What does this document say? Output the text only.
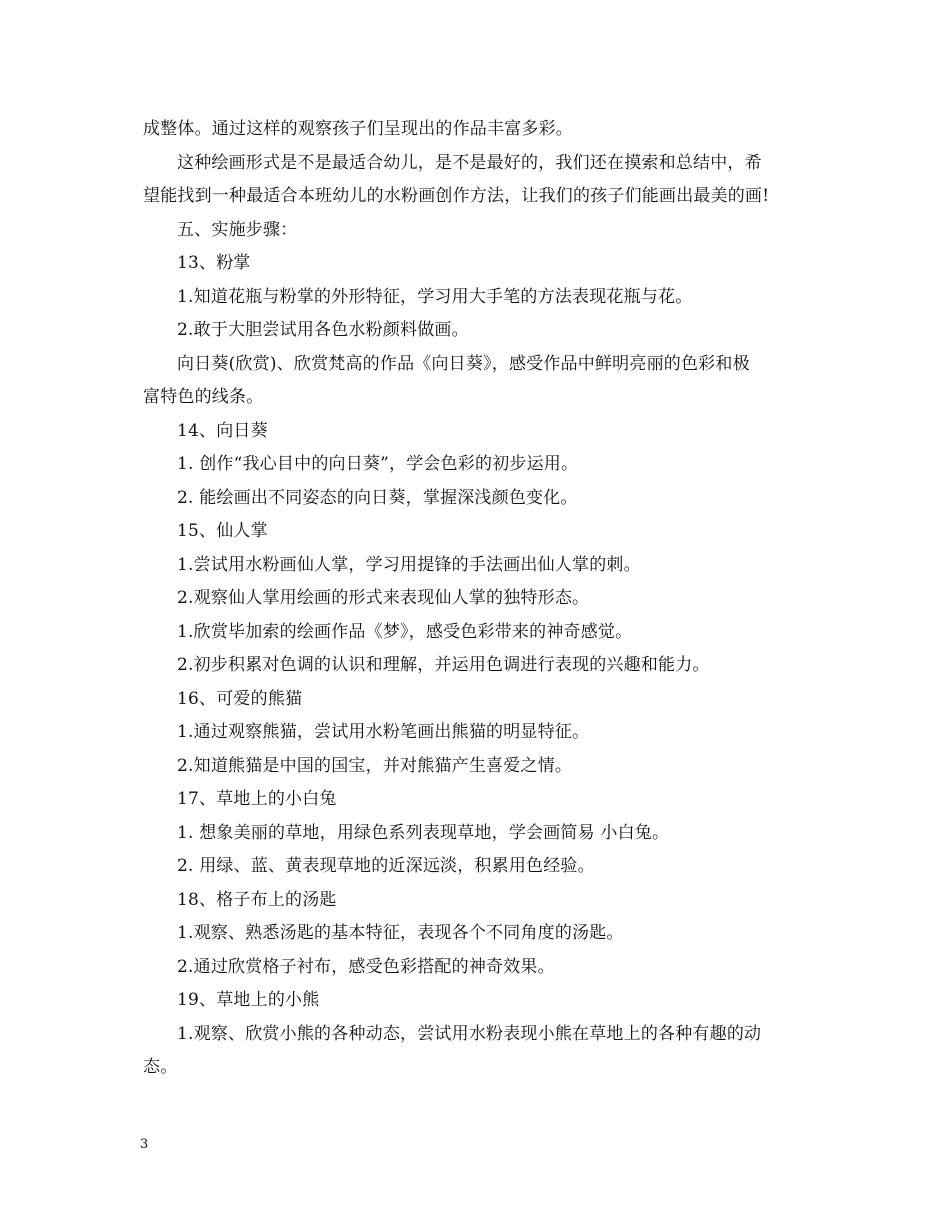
成整体。通过这样的观察孩子们呈现出的作品丰富多彩。
这种绘画形式是不是最适合幼儿，是不是最好的，我们还在摸索和总结中，希
望能找到一种最适合本班幼儿的水粉画创作方法，让我们的孩子们能画出最美的画!
五、实施步骤：
13、粉掌
1.知道花瓶与粉掌的外形特征，学习用大手笔的方法表现花瓶与花。
2.敢于大胆尝试用各色水粉颜料做画。
向日葵(欣赏)、欣赏梵高的作品《向日葵》，感受作品中鲜明亮丽的色彩和极
富特色的线条。
14、向日葵
1. 创作“我心目中的向日葵”，学会色彩的初步运用。
2. 能绘画出不同姿态的向日葵，掌握深浅颜色变化。
15、仙人掌
1.尝试用水粉画仙人掌，学习用提锋的手法画出仙人掌的刺。
2.观察仙人掌用绘画的形式来表现仙人掌的独特形态。
1.欣赏毕加索的绘画作品《梦》，感受色彩带来的神奇感觉。
2.初步积累对色调的认识和理解，并运用色调进行表现的兴趣和能力。
16、可爱的熊猫
1.通过观察熊猫，尝试用水粉笔画出熊猫的明显特征。
2.知道熊猫是中国的国宝，并对熊猫产生喜爱之情。
17、草地上的小白兔
1. 想象美丽的草地，用绿色系列表现草地，学会画简易 小白兔。
2. 用绿、蓝、黄表现草地的近深远淡，积累用色经验。
18、格子布上的汤匙
1.观察、熟悉汤匙的基本特征，表现各个不同角度的汤匙。
2.通过欣赏格子衬布，感受色彩搭配的神奇效果。
19、草地上的小熊
1.观察、欣赏小熊的各种动态，尝试用水粉表现小熊在草地上的各种有趣的动
态。
3
